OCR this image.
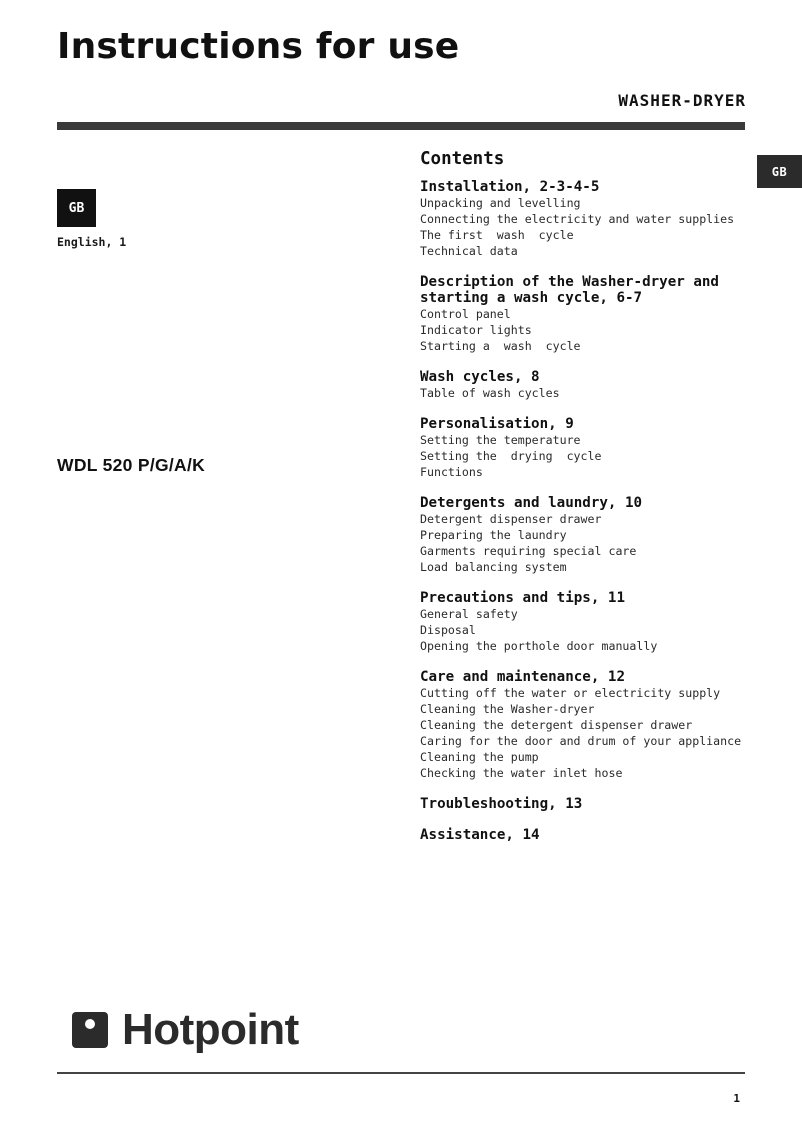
Instructions for use
WASHER-DRYER
GB
GB
English, 1
WDL 520 P/G/A/K
Contents
Installation, 2-3-4-5
Unpacking and levelling
Connecting the electricity and water supplies
The first  wash  cycle
Technical data
Description of the Washer-dryer and starting a wash cycle, 6-7
Control panel
Indicator lights
Starting a  wash  cycle
Wash cycles, 8
Table of wash cycles
Personalisation, 9
Setting the temperature
Setting the  drying  cycle
Functions
Detergents and laundry, 10
Detergent dispenser drawer
Preparing the laundry
Garments requiring special care
Load balancing system
Precautions and tips, 11
General safety
Disposal
Opening the porthole door manually
Care and maintenance, 12
Cutting off the water or electricity supply
Cleaning the Washer-dryer
Cleaning the detergent dispenser drawer
Caring for the door and drum of your appliance
Cleaning the pump
Checking the water inlet hose
Troubleshooting, 13
Assistance, 14
Hotpoint
1
